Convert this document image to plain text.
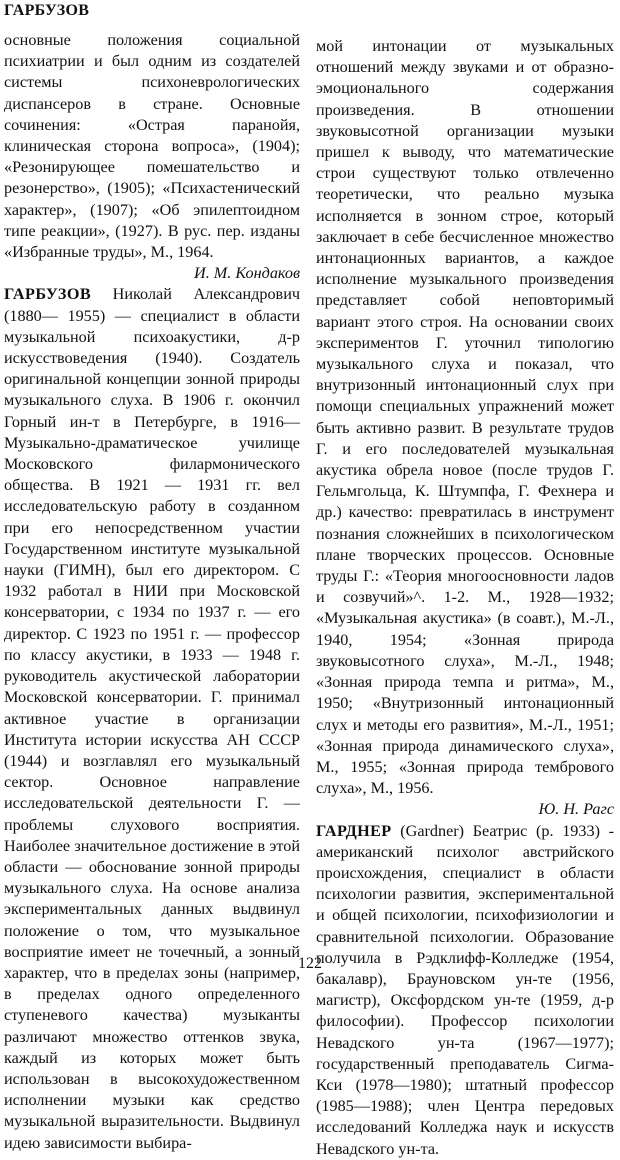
ГАРБУЗОВ

основные положения социальной психиатрии и был одним из создателей системы психоневрологических диспансеров в стране. Основные сочинения: «Острая паранойя, клиническая сторона вопроса», (1904); «Резонирующее помешательство и резонерство», (1905); «Психастенический характер», (1907); «Об эпилептоидном типе реакции», (1927). В рус. пер. изданы «Избранные труды», М., 1964.

И. М. Кондаков

ГАРБУЗОВ Николай Александрович (1880— 1955) — специалист в области музыкальной психоакустики, д-р искусствоведения (1940). Создатель оригинальной концепции зонной природы музыкального слуха. В 1906 г. окончил Горный ин-т в Петербурге, в 1916— Музыкально-драматическое училище Московского филармонического общества. В 1921 — 1931 гг. вел исследовательскую работу в созданном при его непосредственном участии Государственном институте музыкальной науки (ГИМН), был его директором. С 1932 работал в НИИ при Московской консерватории, с 1934 по 1937 г. — его директор. С 1923 по 1951 г. — профессор по классу акустики, в 1933 — 1948 г. руководитель акустической лаборатории Московской консерватории. Г. принимал активное участие в организации Института истории искусства АН СССР (1944) и возглавлял его музыкальный сектор. Основное направление исследовательской деятельности Г. — проблемы слухового восприятия. Наиболее значительное достижение в этой области — обоснование зонной природы музыкального слуха. На основе анализа экспериментальных данных выдвинул положение о том, что музыкальное восприятие имеет не точечный, а зонный характер, что в пределах зоны (например, в пределах одного определенного ступеневого качества) музыканты различают множество оттенков звука, каждый из которых может быть использован в высокохудожественном исполнении музыки как средство музыкальной выразительности. Выдвинул идею зависимости выбира-

мой интонации от музыкальных отношений между звуками и от образно-эмоционального содержания произведения. В отношении звуковысотной организации музыки пришел к выводу, что математические строи существуют только отвлеченно теоретически, что реально музыка исполняется в зонном строе, который заключает в себе бесчисленное множество интонационных вариантов, а каждое исполнение музыкального произведения представляет собой неповторимый вариант этого строя. На основании своих экспериментов Г. уточнил типологию музыкального слуха и показал, что внутризонный интонационный слух при помощи специальных упражнений может быть активно развит. В результате трудов Г. и его последователей музыкальная акустика обрела новое (после трудов Г. Гельмгольца, К. Штумпфа, Г. Фехнера и др.) качество: превратилась в инструмент познания сложнейших в психологическом плане творческих процессов. Основные труды Г.: «Теория многоосновности ладов и созвучий»^. 1-2. М., 1928—1932; «Музыкальная акустика» (в соавт.), М.-Л., 1940, 1954; «Зонная природа звуковысотного слуха», М.-Л., 1948; «Зонная природа темпа и ритма», М., 1950; «Внутризонный интонационный слух и методы его развития», М.-Л., 1951; «Зонная природа динамического слуха», М., 1955; «Зонная природа тембрового слуха», М., 1956.

Ю. Н. Рагс

ГАРДНЕР (Gardner) Беатрис (р. 1933) - американский психолог австрийского происхождения, специалист в области психологии развития, экспериментальной и общей психологии, психофизиологии и сравнительной психологии. Образование получила в Рэдклифф-Колледже (1954, бакалавр), Брауновском ун-те (1956, магистр), Оксфордском ун-те (1959, д-р философии). Профессор психологии Невадского ун-та (1967—1977); государственный преподаватель Сигма-Кси (1978—1980); штатный профессор (1985—1988); член Центра передовых исследований Колледжа наук и искусств Невадского ун-та.

122
